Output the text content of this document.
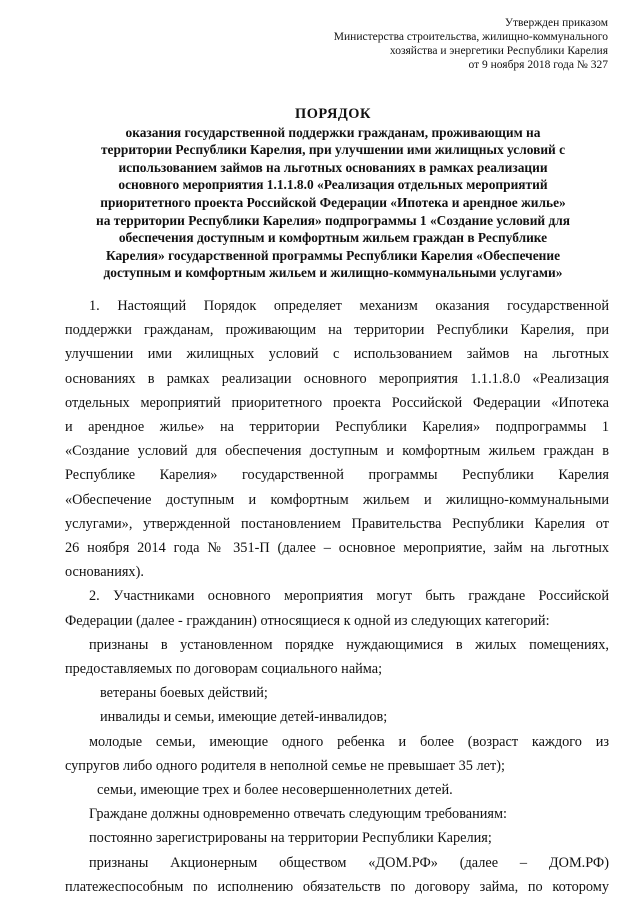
Утвержден приказом
Министерства строительства, жилищно-коммунального
хозяйства и энергетики Республики Карелия
от 9 ноября 2018 года № 327
ПОРЯДОК
оказания государственной поддержки гражданам, проживающим на
территории Республики Карелия, при улучшении ими жилищных условий с
использованием займов на льготных основаниях в рамках реализации
основного мероприятия 1.1.1.8.0 «Реализация отдельных мероприятий
приоритетного проекта Российской Федерации «Ипотека и арендное жилье»
на территории Республики Карелия» подпрограммы 1 «Создание условий для
обеспечения доступным и комфортным жильем граждан в Республике
Карелия» государственной программы Республики Карелия «Обеспечение
доступным и комфортным жильем и жилищно-коммунальными услугами»
1. Настоящий Порядок определяет механизм оказания государственной
поддержки гражданам, проживающим на территории Республики Карелия, при
улучшении ими жилищных условий с использованием займов на льготных
основаниях в рамках реализации основного мероприятия 1.1.1.8.0 «Реализация
отдельных мероприятий приоритетного проекта Российской Федерации «Ипотека
и арендное жилье» на территории Республики Карелия» подпрограммы 1
«Создание условий для обеспечения доступным и комфортным жильем граждан в
Республике Карелия» государственной программы Республики Карелия
«Обеспечение доступным и комфортным жильем и жилищно-коммунальными
услугами», утвержденной постановлением Правительства Республики Карелия от
26 ноября 2014 года № 351-П (далее – основное мероприятие, займ на льготных
основаниях).
2. Участниками основного мероприятия могут быть граждане Российской
Федерации (далее - гражданин) относящиеся к одной из следующих категорий:
признаны в установленном порядке нуждающимися в жилых помещениях,
предоставляемых по договорам социального найма;
ветераны боевых действий;
инвалиды и семьи, имеющие детей-инвалидов;
молодые семьи, имеющие одного ребенка и более (возраст каждого из
супругов либо одного родителя в неполной семье не превышает 35 лет);
семьи, имеющие трех и более несовершеннолетних детей.
Граждане должны одновременно отвечать следующим требованиям:
постоянно зарегистрированы на территории Республики Карелия;
признаны Акционерным обществом «ДОМ.РФ» (далее – ДОМ.РФ)
платежеспособным по исполнению обязательств по договору займа, по которому
